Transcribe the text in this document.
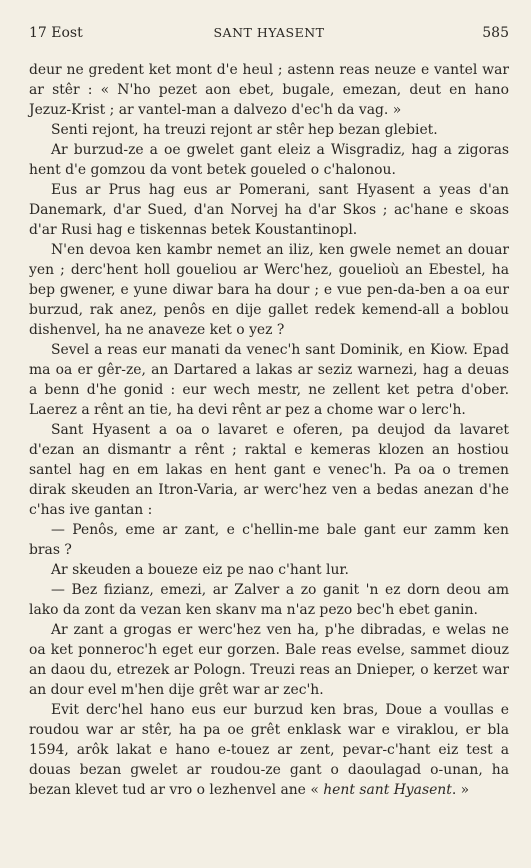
17 Eost	SANT HYASENT	585

deur ne gredent ket mont d'e heul ; astenn reas neuze e vantel war ar stêr : « N'ho pezet aon ebet, bugale, emezan, deut en hano Jezuz-Krist ; ar vantel-man a dalvezo d'ec'h da vag. »

Senti rejont, ha treuzi rejont ar stêr hep bezan glebiet.

Ar burzud-ze a oe gwelet gant eleiz a Wisgradiz, hag a zigoras hent d'e gomzou da vont betek goueled o c'halonou.

Eus ar Prus hag eus ar Pomerani, sant Hyasent a yeas d'an Danemark, d'ar Sued, d'an Norvej ha d'ar Skos ; ac'hane e skoas d'ar Rusi hag e tiskennas betek Koustantinopl.

N'en devoa ken kambr nemet an iliz, ken gwele nemet an douar yen ; derc'hent holl goueliou ar Werc'hez, gouelioù an Ebestel, ha bep gwener, e yune diwar bara ha dour ; e vue pen-da-ben a oa eur burzud, rak anez, penôs en dije gallet redek kemend-all a boblou dishenvel, ha ne anaveze ket o yez ?

Sevel a reas eur manati da venec'h sant Dominik, en Kiow. Epad ma oa er gêr-ze, an Dartared a lakas ar seziz warnezi, hag a deuas a benn d'he gonid : eur wech mestr, ne zellent ket petra d'ober. Laerez a rênt an tie, ha devi rênt ar pez a chome war o lerc'h.

Sant Hyasent a oa o lavaret e oferen, pa deujod da lavaret d'ezan an dismantr a rênt ; raktal e kemeras klozen an hostiou santel hag en em lakas en hent gant e venec'h. Pa oa o tremen dirak skeuden an Itron-Varia, ar werc'hez ven a bedas anezan d'he c'has ive gantan :

— Penôs, eme ar zant, e c'hellin-me bale gant eur zamm ken bras ?

Ar skeuden a boueze eiz pe nao c'hant lur.

— Bez fizianz, emezi, ar Zalver a zo ganit 'n ez dorn deou am lako da zont da vezan ken skanv ma n'az pezo bec'h ebet ganin.

Ar zant a grogas er werc'hez ven ha, p'he dibradas, e welas ne oa ket ponneroc'h eget eur gorzen. Bale reas evelse, sammet diouz an daou du, etrezek ar Pologn. Treuzi reas an Dnieper, o kerzet war an dour evel m'hen dije grêt war ar zec'h.

Evit derc'hel hano eus eur burzud ken bras, Doue a voullas e roudou war ar stêr, ha pa oe grêt enklask war e viraklou, er bla 1594, arôk lakat e hano e-touez ar zent, pevar-c'hant eiz test a douas bezan gwelet ar roudou-ze gant o daoulagad o-unan, ha bezan klevet tud ar vro o lezhenvel ane « hent sant Hyasent. »
